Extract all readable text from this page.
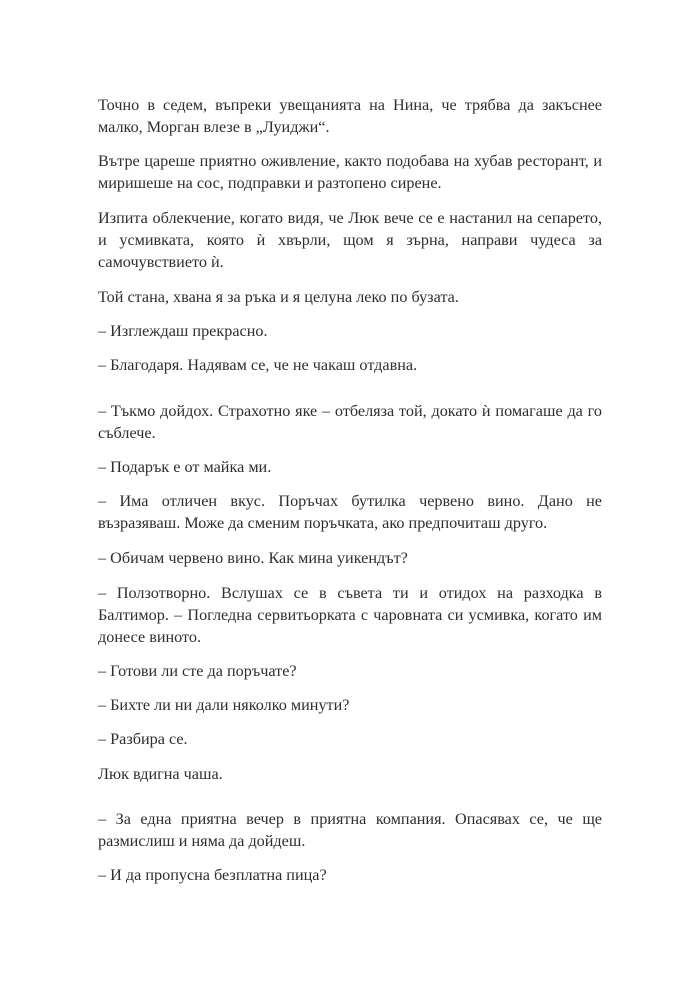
Точно в седем, въпреки увещанията на Нина, че трябва да закъснее малко, Морган влезе в „Луиджи“.

Вътре цареше приятно оживление, както подобава на хубав ресторант, и миришеше на сос, подправки и разтопено сирене.

Изпита облекчение, когато видя, че Люк вече се е настанил на сепарето, и усмивката, която ѝ хвърли, щом я зърна, направи чудеса за самочувствието ѝ.

Той стана, хвана я за ръка и я целуна леко по бузата.

– Изглеждаш прекрасно.

– Благодаря. Надявам се, че не чакаш отдавна.

– Тъкмо дойдох. Страхотно яке – отбеляза той, докато ѝ помагаше да го съблече.

– Подарък е от майка ми.

– Има отличен вкус. Поръчах бутилка червено вино. Дано не възразяваш. Може да сменим поръчката, ако предпочиташ друго.

– Обичам червено вино. Как мина уикендът?

– Ползотворно. Вслушах се в съвета ти и отидох на разходка в Балтимор. – Погледна сервитьорката с чаровната си усмивка, когато им донесе виното.

– Готови ли сте да поръчате?

– Бихте ли ни дали няколко минути?

– Разбира се.

Люк вдигна чаша.

– За една приятна вечер в приятна компания. Опасявах се, че ще размислиш и няма да дойдеш.

– И да пропусна безплатна пица?
